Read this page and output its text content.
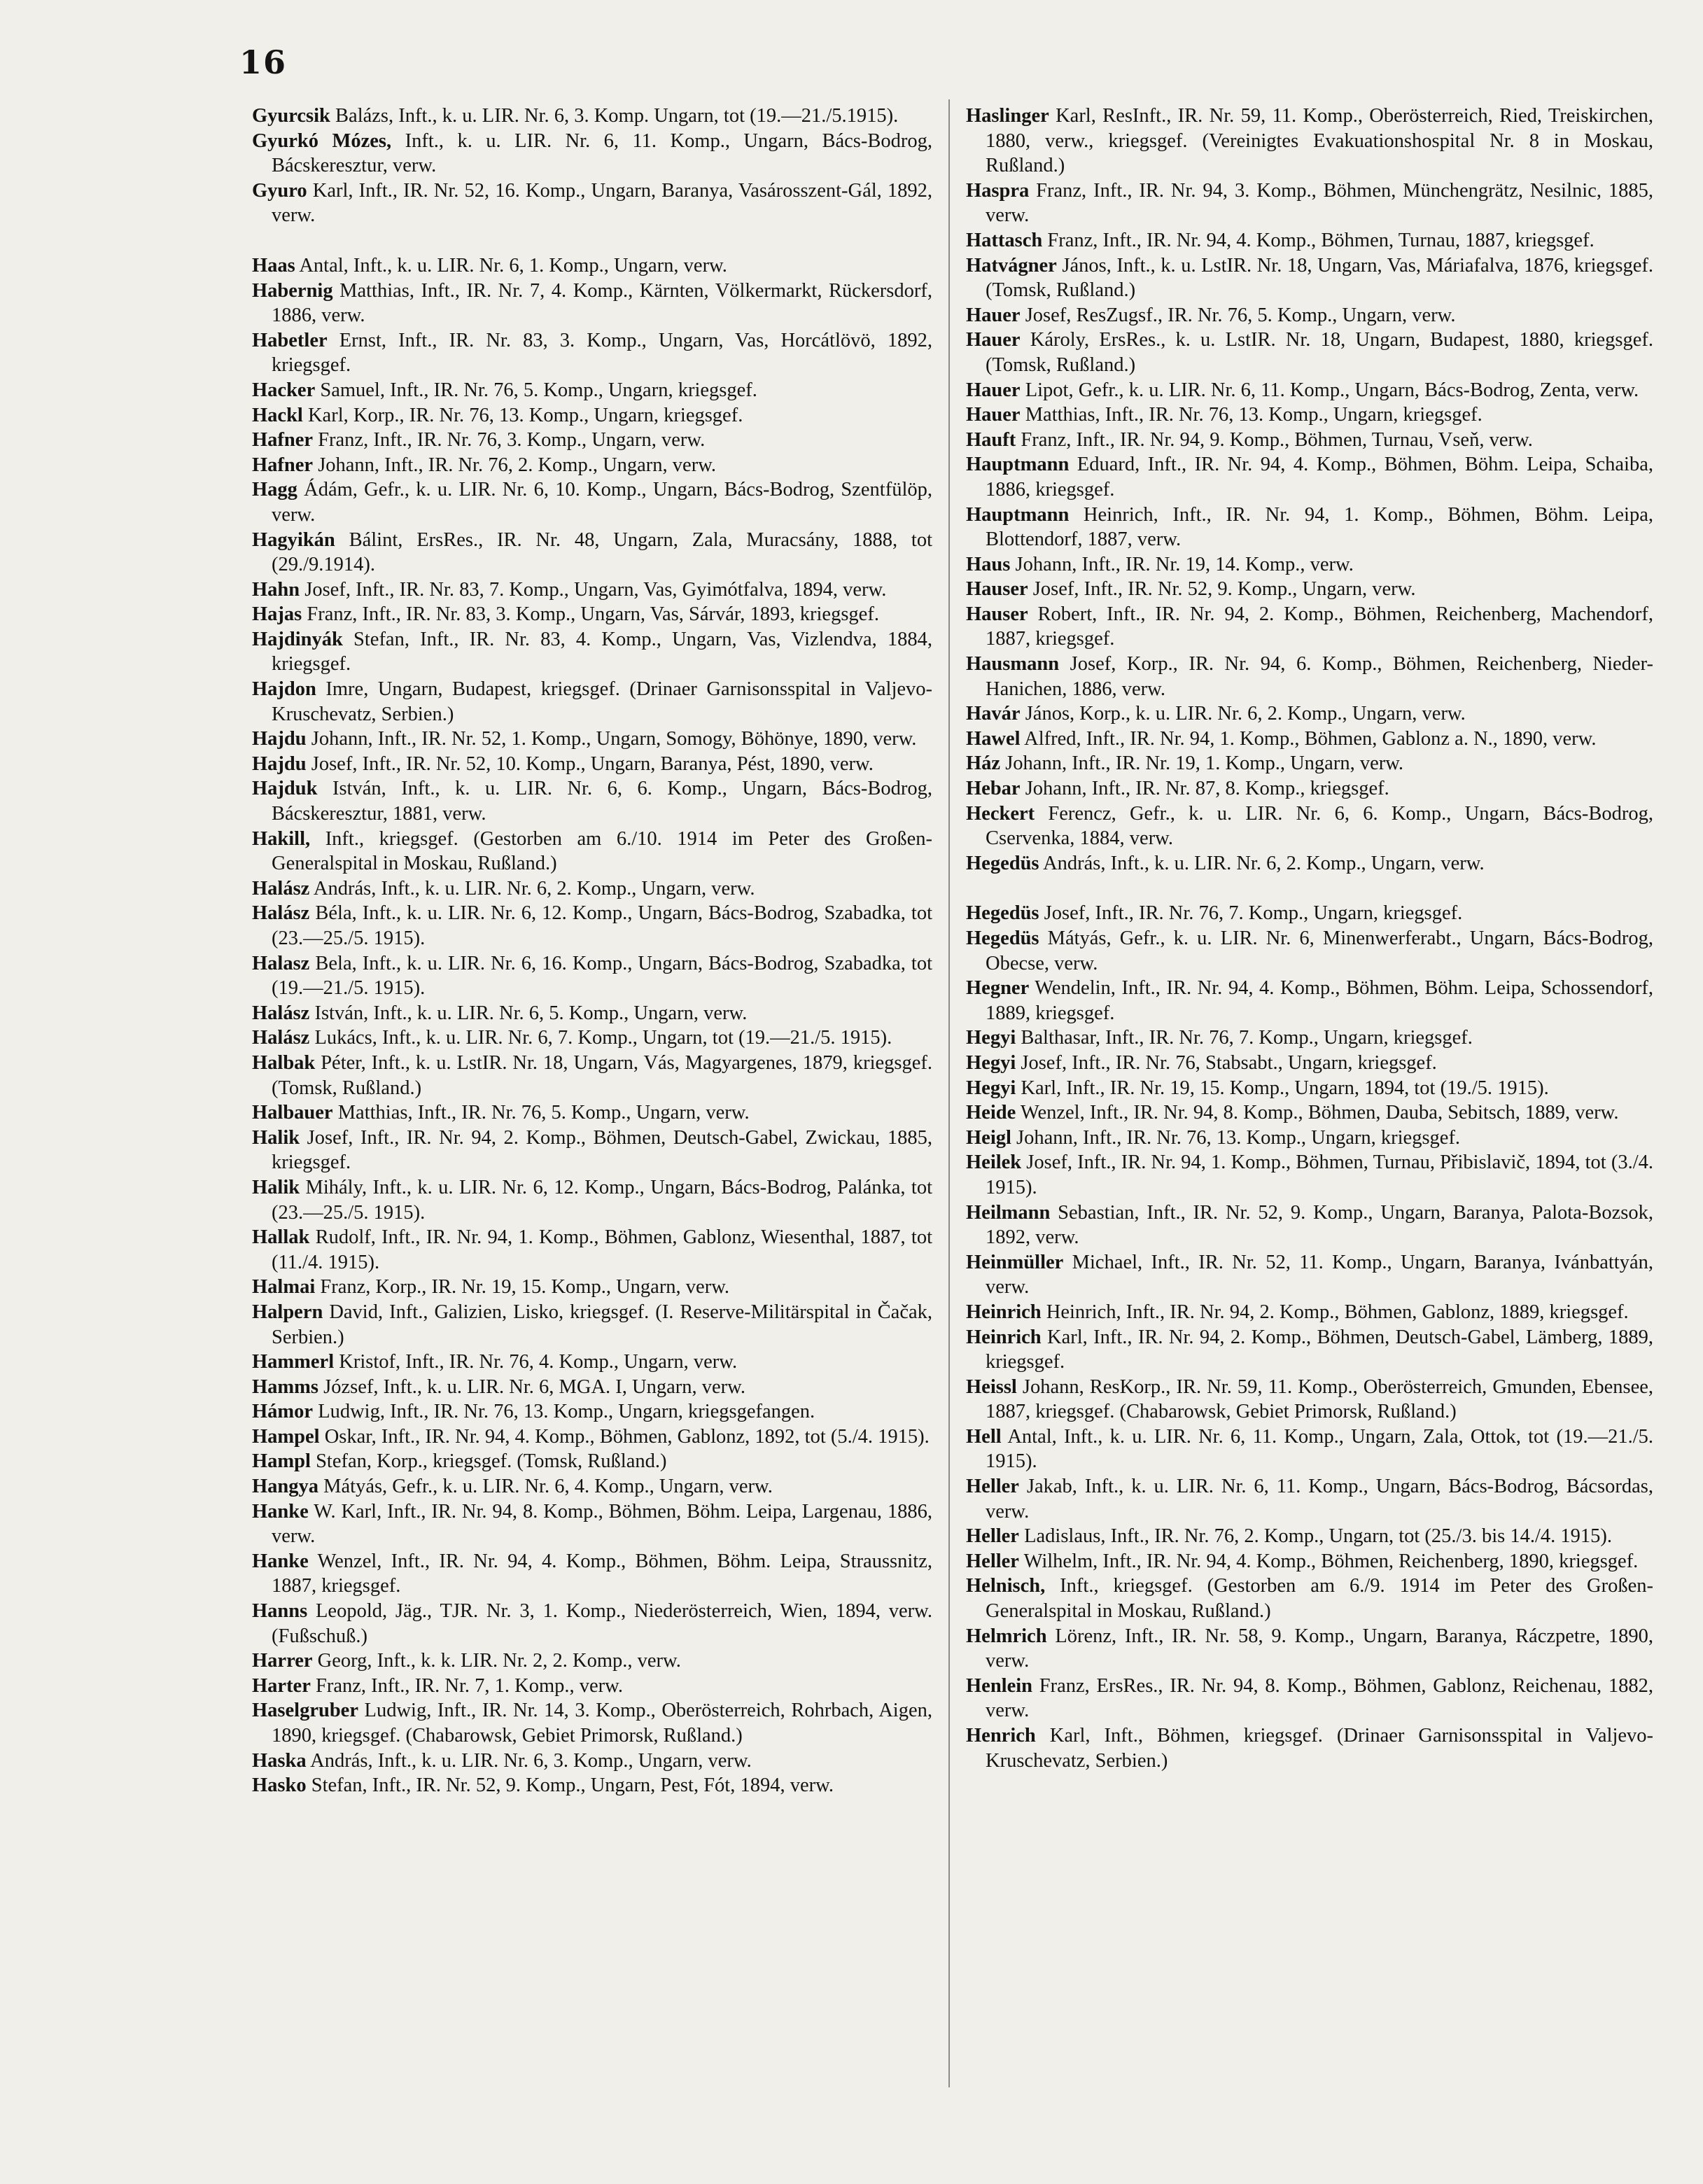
16

Gyurcsik Balázs, Inft., k. u. LIR. Nr. 6, 3. Komp. Ungarn, tot (19.—21./5.1915).

Gyurkó Mózes, Inft., k. u. LIR. Nr. 6, 11. Komp., Ungarn, Bács-Bodrog, Bácskeresztur, verw.

Gyuro Karl, Inft., IR. Nr. 52, 16. Komp., Ungarn, Baranya, Vasárosszent-Gál, 1892, verw.

Haas Antal, Inft., k. u. LIR. Nr. 6, 1. Komp., Ungarn, verw.

Habernig Matthias, Inft., IR. Nr. 7, 4. Komp., Kärnten, Völkermarkt, Rückersdorf, 1886, verw.

Habetler Ernst, Inft., IR. Nr. 83, 3. Komp., Ungarn, Vas, Horcátlövö, 1892, kriegsgef.

Hacker Samuel, Inft., IR. Nr. 76, 5. Komp., Ungarn, kriegsgef.

Hackl Karl, Korp., IR. Nr. 76, 13. Komp., Ungarn, kriegsgef.

Hafner Franz, Inft., IR. Nr. 76, 3. Komp., Ungarn, verw.

Hafner Johann, Inft., IR. Nr. 76, 2. Komp., Ungarn, verw.

Hagg Ádám, Gefr., k. u. LIR. Nr. 6, 10. Komp., Ungarn, Bács-Bodrog, Szentfülöp, verw.

Hagyikán Bálint, ErsRes., IR. Nr. 48, Ungarn, Zala, Muracsány, 1888, tot (29./9.1914).

Hahn Josef, Inft., IR. Nr. 83, 7. Komp., Ungarn, Vas, Gyimótfalva, 1894, verw.

Hajas Franz, Inft., IR. Nr. 83, 3. Komp., Ungarn, Vas, Sárvár, 1893, kriegsgef.

Hajdinyák Stefan, Inft., IR. Nr. 83, 4. Komp., Ungarn, Vas, Vizlendva, 1884, kriegsgef.

Hajdon Imre, Ungarn, Budapest, kriegsgef. (Drinaer Garnisonsspital in Valjevo-Kruschevatz, Serbien.)

Hajdu Johann, Inft., IR. Nr. 52, 1. Komp., Ungarn, Somogy, Böhönye, 1890, verw.

Hajdu Josef, Inft., IR. Nr. 52, 10. Komp., Ungarn, Baranya, Pést, 1890, verw.

Hajduk István, Inft., k. u. LIR. Nr. 6, 6. Komp., Ungarn, Bács-Bodrog, Bácskeresztur, 1881, verw.

Hakill, Inft., kriegsgef. (Gestorben am 6./10. 1914 im Peter des Großen-Generalspital in Moskau, Rußland.)

Halász András, Inft., k. u. LIR. Nr. 6, 2. Komp., Ungarn, verw.

Halász Béla, Inft., k. u. LIR. Nr. 6, 12. Komp., Ungarn, Bács-Bodrog, Szabadka, tot (23.—25./5. 1915).

Halasz Bela, Inft., k. u. LIR. Nr. 6, 16. Komp., Ungarn, Bács-Bodrog, Szabadka, tot (19.—21./5. 1915).

Halász István, Inft., k. u. LIR. Nr. 6, 5. Komp., Ungarn, verw.

Halász Lukács, Inft., k. u. LIR. Nr. 6, 7. Komp., Ungarn, tot (19.—21./5. 1915).

Halbak Péter, Inft., k. u. LstIR. Nr. 18, Ungarn, Vás, Magyargenes, 1879, kriegsgef. (Tomsk, Rußland.)

Halbauer Matthias, Inft., IR. Nr. 76, 5. Komp., Ungarn, verw.

Halik Josef, Inft., IR. Nr. 94, 2. Komp., Böhmen, Deutsch-Gabel, Zwickau, 1885, kriegsgef.

Halik Mihály, Inft., k. u. LIR. Nr. 6, 12. Komp., Ungarn, Bács-Bodrog, Palánka, tot (23.—25./5. 1915).

Hallak Rudolf, Inft., IR. Nr. 94, 1. Komp., Böhmen, Gablonz, Wiesenthal, 1887, tot (11./4. 1915).

Halmai Franz, Korp., IR. Nr. 19, 15. Komp., Ungarn, verw.

Halpern David, Inft., Galizien, Lisko, kriegsgef. (I. Reserve-Militärspital in Čačak, Serbien.)

Hammerl Kristof, Inft., IR. Nr. 76, 4. Komp., Ungarn, verw.

Hamms József, Inft., k. u. LIR. Nr. 6, MGA. I, Ungarn, verw.

Hámor Ludwig, Inft., IR. Nr. 76, 13. Komp., Ungarn, kriegsgefangen.

Hampel Oskar, Inft., IR. Nr. 94, 4. Komp., Böhmen, Gablonz, 1892, tot (5./4. 1915).

Hampl Stefan, Korp., kriegsgef. (Tomsk, Rußland.)

Hangya Mátyás, Gefr., k. u. LIR. Nr. 6, 4. Komp., Ungarn, verw.

Hanke W. Karl, Inft., IR. Nr. 94, 8. Komp., Böhmen, Böhm. Leipa, Largenau, 1886, verw.

Hanke Wenzel, Inft., IR. Nr. 94, 4. Komp., Böhmen, Böhm. Leipa, Straussnitz, 1887, kriegsgef.

Hanns Leopold, Jäg., TJR. Nr. 3, 1. Komp., Niederösterreich, Wien, 1894, verw. (Fußschuß.)

Harrer Georg, Inft., k. k. LIR. Nr. 2, 2. Komp., verw.

Harter Franz, Inft., IR. Nr. 7, 1. Komp., verw.

Haselgruber Ludwig, Inft., IR. Nr. 14, 3. Komp., Oberösterreich, Rohrbach, Aigen, 1890, kriegsgef. (Chabarowsk, Gebiet Primorsk, Rußland.)

Haska András, Inft., k. u. LIR. Nr. 6, 3. Komp., Ungarn, verw.

Hasko Stefan, Inft., IR. Nr. 52, 9. Komp., Ungarn, Pest, Fót, 1894, verw.

Haslinger Karl, ResInft., IR. Nr. 59, 11. Komp., Oberösterreich, Ried, Treiskirchen, 1880, verw., kriegsgef. (Vereinigtes Evakuationshospital Nr. 8 in Moskau, Rußland.)

Haspra Franz, Inft., IR. Nr. 94, 3. Komp., Böhmen, Münchengrätz, Nesilnic, 1885, verw.

Hattasch Franz, Inft., IR. Nr. 94, 4. Komp., Böhmen, Turnau, 1887, kriegsgef.

Hatvágner János, Inft., k. u. LstIR. Nr. 18, Ungarn, Vas, Máriafalva, 1876, kriegsgef. (Tomsk, Rußland.)

Hauer Josef, ResZugsf., IR. Nr. 76, 5. Komp., Ungarn, verw.

Hauer Károly, ErsRes., k. u. LstIR. Nr. 18, Ungarn, Budapest, 1880, kriegsgef. (Tomsk, Rußland.)

Hauer Lipot, Gefr., k. u. LIR. Nr. 6, 11. Komp., Ungarn, Bács-Bodrog, Zenta, verw.

Hauer Matthias, Inft., IR. Nr. 76, 13. Komp., Ungarn, kriegsgef.

Hauft Franz, Inft., IR. Nr. 94, 9. Komp., Böhmen, Turnau, Vseň, verw.

Hauptmann Eduard, Inft., IR. Nr. 94, 4. Komp., Böhmen, Böhm. Leipa, Schaiba, 1886, kriegsgef.

Hauptmann Heinrich, Inft., IR. Nr. 94, 1. Komp., Böhmen, Böhm. Leipa, Blottendorf, 1887, verw.

Haus Johann, Inft., IR. Nr. 19, 14. Komp., verw.

Hauser Josef, Inft., IR. Nr. 52, 9. Komp., Ungarn, verw.

Hauser Robert, Inft., IR. Nr. 94, 2. Komp., Böhmen, Reichenberg, Machendorf, 1887, kriegsgef.

Hausmann Josef, Korp., IR. Nr. 94, 6. Komp., Böhmen, Reichenberg, Nieder-Hanichen, 1886, verw.

Havár János, Korp., k. u. LIR. Nr. 6, 2. Komp., Ungarn, verw.

Hawel Alfred, Inft., IR. Nr. 94, 1. Komp., Böhmen, Gablonz a. N., 1890, verw.

Ház Johann, Inft., IR. Nr. 19, 1. Komp., Ungarn, verw.

Hebar Johann, Inft., IR. Nr. 87, 8. Komp., kriegsgef.

Heckert Ferencz, Gefr., k. u. LIR. Nr. 6, 6. Komp., Ungarn, Bács-Bodrog, Cservenka, 1884, verw.

Hegedüs András, Inft., k. u. LIR. Nr. 6, 2. Komp., Ungarn, verw.

Hegedüs Josef, Inft., IR. Nr. 76, 7. Komp., Ungarn, kriegsgef.

Hegedüs Mátyás, Gefr., k. u. LIR. Nr. 6, Minenwerferabt., Ungarn, Bács-Bodrog, Obecse, verw.

Hegner Wendelin, Inft., IR. Nr. 94, 4. Komp., Böhmen, Böhm. Leipa, Schossendorf, 1889, kriegsgef.

Hegyi Balthasar, Inft., IR. Nr. 76, 7. Komp., Ungarn, kriegsgef.

Hegyi Josef, Inft., IR. Nr. 76, Stabsabt., Ungarn, kriegsgef.

Hegyi Karl, Inft., IR. Nr. 19, 15. Komp., Ungarn, 1894, tot (19./5. 1915).

Heide Wenzel, Inft., IR. Nr. 94, 8. Komp., Böhmen, Dauba, Sebitsch, 1889, verw.

Heigl Johann, Inft., IR. Nr. 76, 13. Komp., Ungarn, kriegsgef.

Heilek Josef, Inft., IR. Nr. 94, 1. Komp., Böhmen, Turnau, Přibislavič, 1894, tot (3./4. 1915).

Heilmann Sebastian, Inft., IR. Nr. 52, 9. Komp., Ungarn, Baranya, Palota-Bozsok, 1892, verw.

Heinmüller Michael, Inft., IR. Nr. 52, 11. Komp., Ungarn, Baranya, Ivánbattyán, verw.

Heinrich Heinrich, Inft., IR. Nr. 94, 2. Komp., Böhmen, Gablonz, 1889, kriegsgef.

Heinrich Karl, Inft., IR. Nr. 94, 2. Komp., Böhmen, Deutsch-Gabel, Lämberg, 1889, kriegsgef.

Heissl Johann, ResKorp., IR. Nr. 59, 11. Komp., Oberösterreich, Gmunden, Ebensee, 1887, kriegsgef. (Chabarowsk, Gebiet Primorsk, Rußland.)

Hell Antal, Inft., k. u. LIR. Nr. 6, 11. Komp., Ungarn, Zala, Ottok, tot (19.—21./5. 1915).

Heller Jakab, Inft., k. u. LIR. Nr. 6, 11. Komp., Ungarn, Bács-Bodrog, Bácsordas, verw.

Heller Ladislaus, Inft., IR. Nr. 76, 2. Komp., Ungarn, tot (25./3. bis 14./4. 1915).

Heller Wilhelm, Inft., IR. Nr. 94, 4. Komp., Böhmen, Reichenberg, 1890, kriegsgef.

Helnisch, Inft., kriegsgef. (Gestorben am 6./9. 1914 im Peter des Großen-Generalspital in Moskau, Rußland.)

Helmrich Lörenz, Inft., IR. Nr. 58, 9. Komp., Ungarn, Baranya, Ráczpetre, 1890, verw.

Henlein Franz, ErsRes., IR. Nr. 94, 8. Komp., Böhmen, Gablonz, Reichenau, 1882, verw.

Henrich Karl, Inft., Böhmen, kriegsgef. (Drinaer Garnisonsspital in Valjevo-Kruschevatz, Serbien.)
